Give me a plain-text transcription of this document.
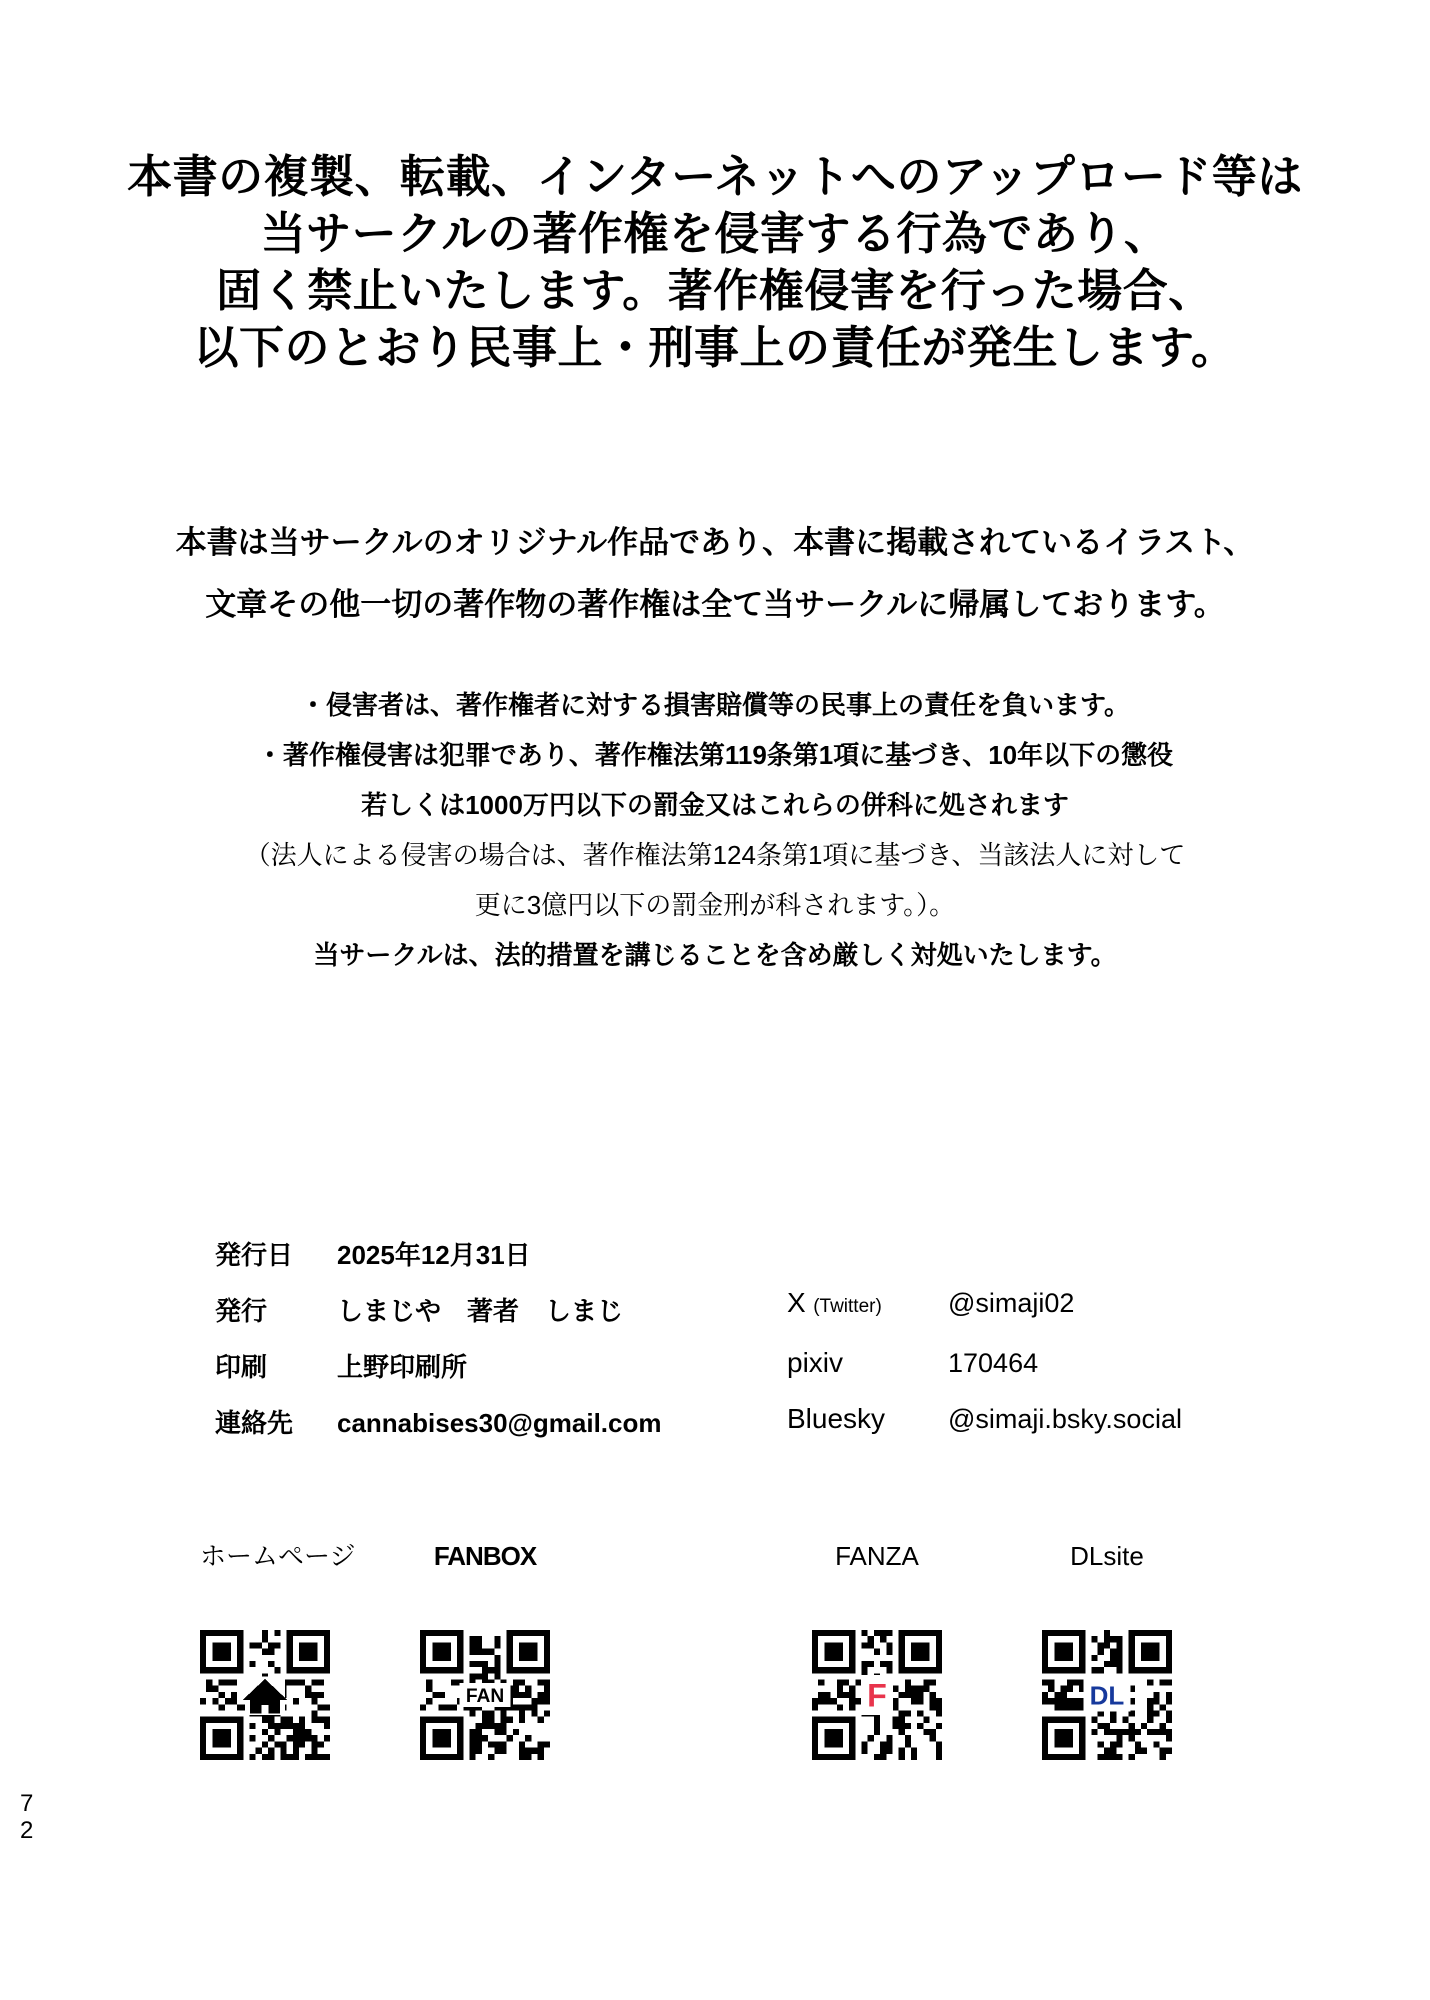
本書の複製、転載、インターネットへのアップロード等は
当サークルの著作権を侵害する行為であり、
固く禁止いたします。著作権侵害を行った場合、
以下のとおり民事上・刑事上の責任が発生します。
本書は当サークルのオリジナル作品であり、本書に掲載されているイラスト、
文章その他一切の著作物の著作権は全て当サークルに帰属しております。
・侵害者は、著作権者に対する損害賠償等の民事上の責任を負います。
・著作権侵害は犯罪であり、著作権法第119条第1項に基づき、10年以下の懲役
若しくは1000万円以下の罰金又はこれらの併科に処されます
（法人による侵害の場合は、著作権法第124条第1項に基づき、当該法人に対して
更に3億円以下の罰金刑が科されます。）。
当サークルは、法的措置を講じることを含め厳しく対処いたします。
発行日	2025年12月31日
発行	しまじや　著者　しまじ
印刷	上野印刷所
連絡先	cannabises30@gmail.com
X (Twitter)	@simaji02
pixiv	170464
Bluesky	@simaji.bsky.social
ホームページ	FANBOX
FAN
FANZA
F
DLsite
DL
72
